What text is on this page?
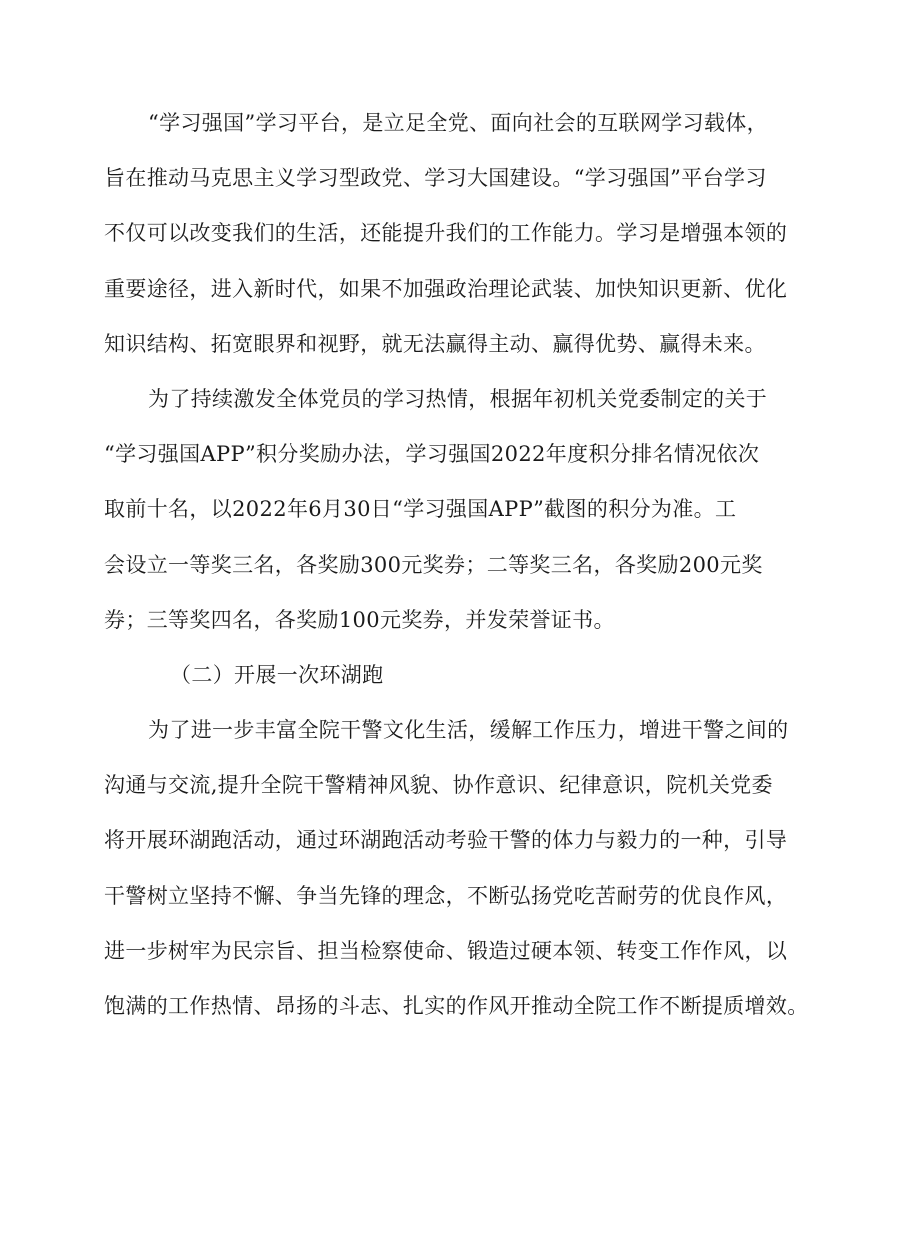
“学习强国”学习平台，是立足全党、面向社会的互联网学习载体，
旨在推动马克思主义学习型政党、学习大国建设。“学习强国”平台学习
不仅可以改变我们的生活，还能提升我们的工作能力。学习是增强本领的
重要途径，进入新时代，如果不加强政治理论武装、加快知识更新、优化
知识结构、拓宽眼界和视野，就无法赢得主动、赢得优势、赢得未来。
为了持续激发全体党员的学习热情，根据年初机关党委制定的关于
“学习强国APP”积分奖励办法，学习强国2022年度积分排名情况依次
取前十名，以2022年6月30日“学习强国APP”截图的积分为准。工
会设立一等奖三名，各奖励300元奖券；二等奖三名，各奖励200元奖
券；三等奖四名，各奖励100元奖券，并发荣誉证书。
（二）开展一次环湖跑
为了进一步丰富全院干警文化生活，缓解工作压力，增进干警之间的
沟通与交流,提升全院干警精神风貌、协作意识、纪律意识，院机关党委
将开展环湖跑活动，通过环湖跑活动考验干警的体力与毅力的一种，引导
干警树立坚持不懈、争当先锋的理念，不断弘扬党吃苦耐劳的优良作风，
进一步树牢为民宗旨、担当检察使命、锻造过硬本领、转变工作作风，以
饱满的工作热情、昂扬的斗志、扎实的作风开推动全院工作不断提质增效。
